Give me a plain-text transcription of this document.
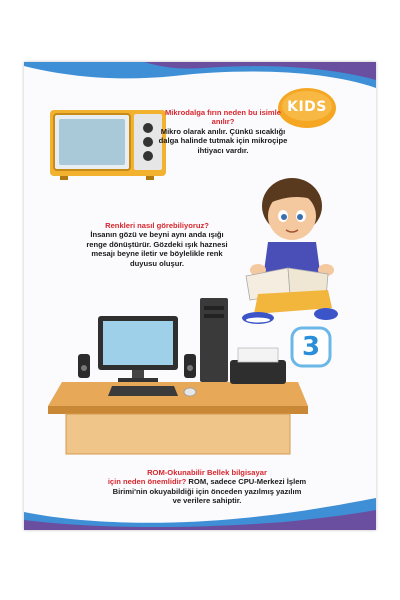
KIDS
Mikrodalga fırın neden bu isimle anılır?
Mikro olarak anılır. Çünkü sıcaklığı dalga halinde tutmak için mikroçipe ihtiyacı vardır.
Renkleri nasıl görebiliyoruz?
İnsanın gözü ve beyni aynı anda ışığı renge dönüştürür. Gözdeki ışık haznesi mesajı beyne iletir ve böylelikle renk duyusu oluşur.
3
ROM-Okunabilir Bellek bilgisayar
için neden önemlidir? ROM, sadece CPU-Merkezi İşlem
Birimi'nin okuyabildiği için önceden yazılmış yazılım
ve verilere sahiptir.
